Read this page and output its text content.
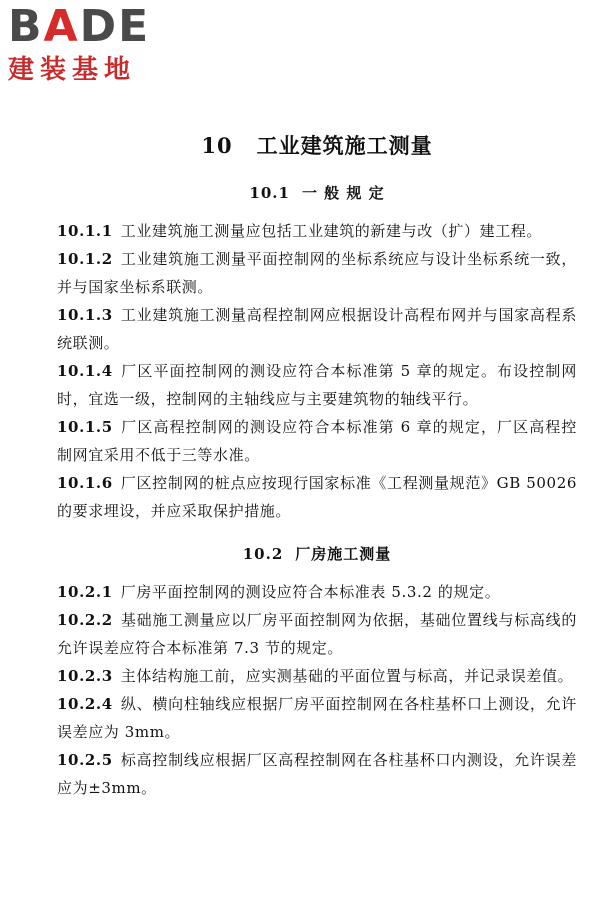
BADE
建装基地
10 工业建筑施工测量
10.1 一 般 规 定

10.1.1 工业建筑施工测量应包括工业建筑的新建与改（扩）建工程。

10.1.2 工业建筑施工测量平面控制网的坐标系统应与设计坐标系统一致，并与国家坐标系联测。

10.1.3 工业建筑施工测量高程控制网应根据设计高程布网并与国家高程系统联测。

10.1.4 厂区平面控制网的测设应符合本标准第 5 章的规定。布设控制网时，宜选一级，控制网的主轴线应与主要建筑物的轴线平行。

10.1.5 厂区高程控制网的测设应符合本标准第 6 章的规定，厂区高程控制网宜采用不低于三等水准。

10.1.6 厂区控制网的桩点应按现行国家标准《工程测量规范》GB 50026 的要求埋设，并应采取保护措施。

10.2 厂房施工测量

10.2.1 厂房平面控制网的测设应符合本标准表 5.3.2 的规定。

10.2.2 基础施工测量应以厂房平面控制网为依据，基础位置线与标高线的允许误差应符合本标准第 7.3 节的规定。

10.2.3 主体结构施工前，应实测基础的平面位置与标高，并记录误差值。

10.2.4 纵、横向柱轴线应根据厂房平面控制网在各柱基杯口上测设，允许误差应为 3mm。

10.2.5 标高控制线应根据厂区高程控制网在各柱基杯口内测设，允许误差应为±3mm。
